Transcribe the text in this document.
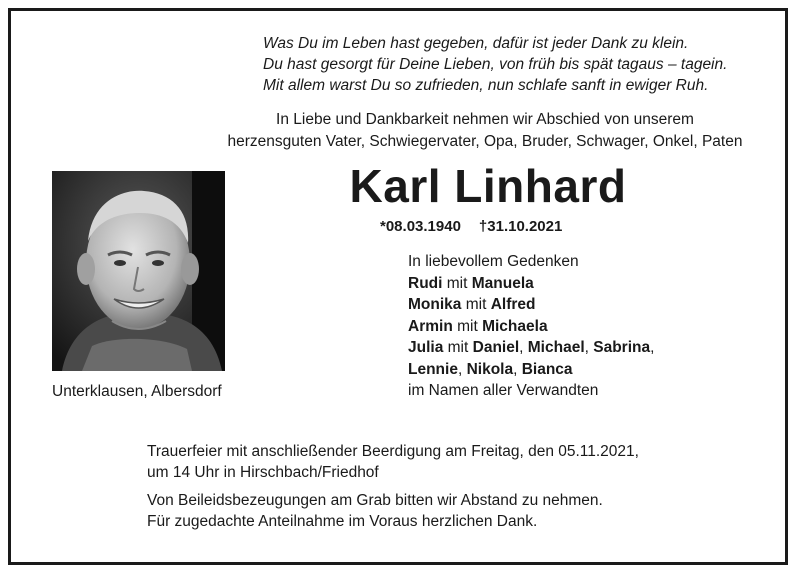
Was Du im Leben hast gegeben, dafür ist jeder Dank zu klein.
Du hast gesorgt für Deine Lieben, von früh bis spät tagaus – tagein.
Mit allem warst Du so zufrieden, nun schlafe sanft in ewiger Ruh.
In Liebe und Dankbarkeit nehmen wir Abschied von unserem
herzensguten Vater, Schwiegervater, Opa, Bruder, Schwager, Onkel, Paten
Karl Linhard
*08.03.1940 †31.10.2021
Unterklausen, Albersdorf
In liebevollem Gedenken
Rudi mit Manuela
Monika mit Alfred
Armin mit Michaela
Julia mit Daniel, Michael, Sabrina,
Lennie, Nikola, Bianca
im Namen aller Verwandten
Trauerfeier mit anschließender Beerdigung am Freitag, den 05.11.2021,
um 14 Uhr in Hirschbach/Friedhof
Von Beileidsbezeugungen am Grab bitten wir Abstand zu nehmen.
Für zugedachte Anteilnahme im Voraus herzlichen Dank.
